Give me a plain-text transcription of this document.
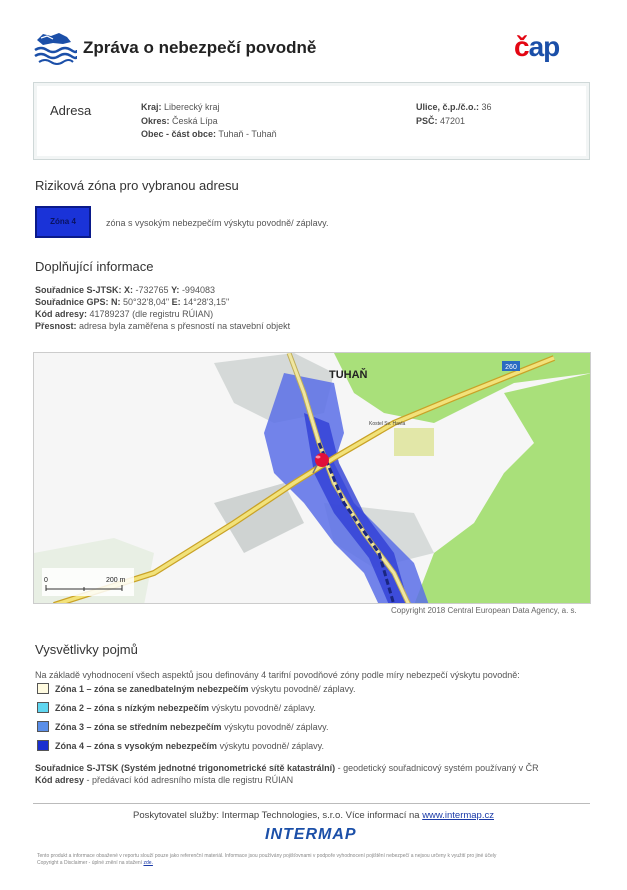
Zpráva o nebezpečí povodně	čap
Adresa	Kraj: Liberecký kraj
Okres: Česká Lípa
Obec - část obce: Tuhaň - Tuhaň
Ulice, č.p./č.o.: 36
PSČ: 47201
Riziková zóna pro vybranou adresu
Zóna 4	zóna s vysokým nebezpečím výskytu povodně/ záplavy.
Doplňující informace
Souřadnice S-JTSK: X: -732765 Y: -994083
Souřadnice GPS: N: 50°32'8,04" E: 14°28'3,15"
Kód adresy: 41789237 (dle registru RÚIAN)
Přesnost: adresa byla zaměřena s přesností na stavební objekt
260
TUHAŇ
Kostel Sv. Havla
0	200 m
Copyright 2018 Central European Data Agency, a. s.
Vysvětlivky pojmů
Na základě vyhodnocení všech aspektů jsou definovány 4 tarifní povodňové zóny podle míry nebezpečí výskytu povodně:
Zóna 1 – zóna se zanedbatelným nebezpečím výskytu povodně/ záplavy.
Zóna 2 – zóna s nízkým nebezpečím výskytu povodně/ záplavy.
Zóna 3 – zóna se středním nebezpečím výskytu povodně/ záplavy.
Zóna 4 – zóna s vysokým nebezpečím výskytu povodně/ záplavy.
Souřadnice S-JTSK (Systém jednotné trigonometrické sítě katastrální) - geodetický souřadnicový systém používaný v ČR
Kód adresy - předávací kód adresního místa dle registru RÚIAN
Poskytovatel služby: Intermap Technologies, s.r.o. Více informací na www.intermap.cz
INTERMAP
Tento produkt a informace obsažené v reportu slouží pouze jako referenční materiál. Informace jsou používány pojišťovnami v podpoře vyhodnocení pojištění nebezpečí a nejsou určeny k využití pro jiné účely
Copyright a Disclaimer - úplné znění na stažení zde.
